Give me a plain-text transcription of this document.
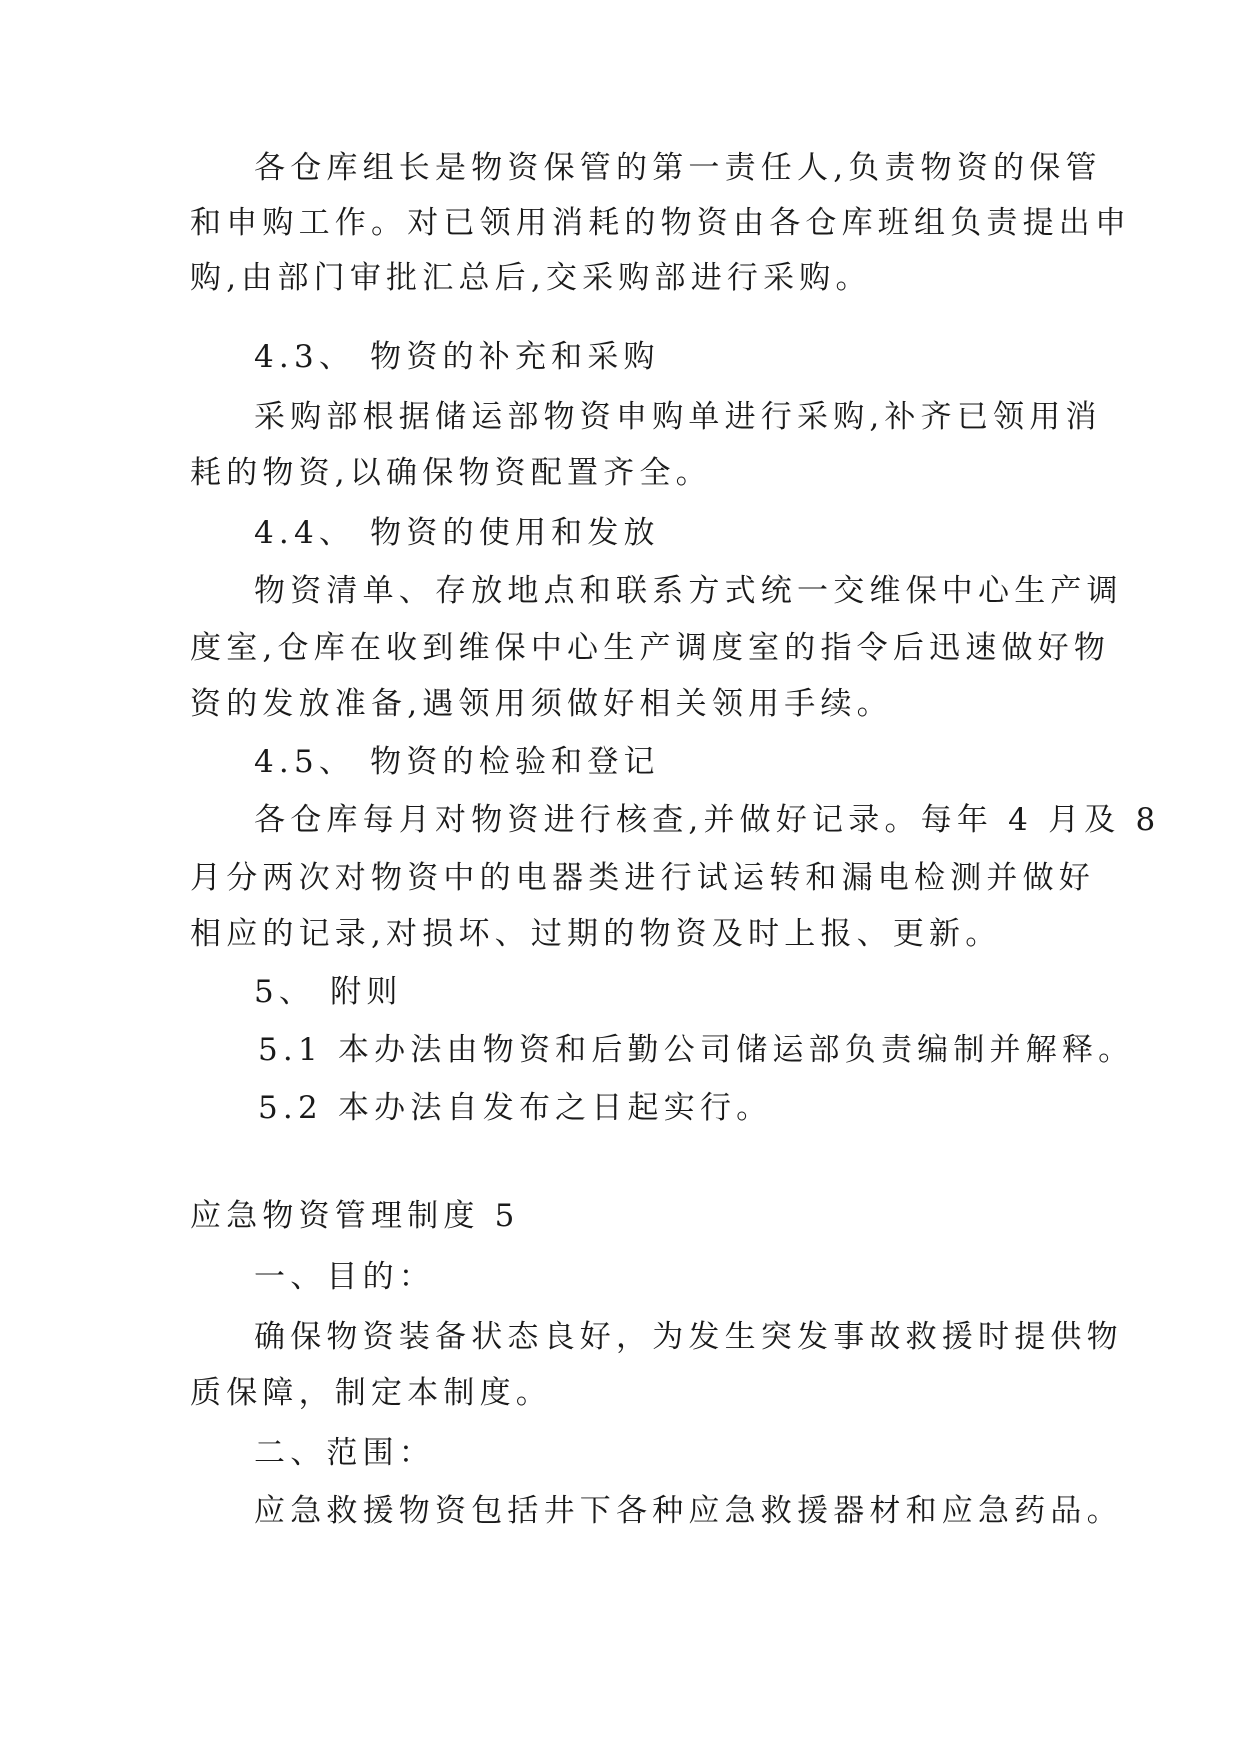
各仓库组长是物资保管的第一责任人,负责物资的保管
和申购工作。对已领用消耗的物资由各仓库班组负责提出申
购,由部门审批汇总后,交采购部进行采购。
4.3、 物资的补充和采购
采购部根据储运部物资申购单进行采购,补齐已领用消
耗的物资,以确保物资配置齐全。
4.4、 物资的使用和发放
物资清单、存放地点和联系方式统一交维保中心生产调
度室,仓库在收到维保中心生产调度室的指令后迅速做好物
资的发放准备,遇领用须做好相关领用手续。
4.5、 物资的检验和登记
各仓库每月对物资进行核查,并做好记录。每年 4 月及 8
月分两次对物资中的电器类进行试运转和漏电检测并做好
相应的记录,对损坏、过期的物资及时上报、更新。
5、 附则
5.1 本办法由物资和后勤公司储运部负责编制并解释。
5.2 本办法自发布之日起实行。
应急物资管理制度 5
一、目的：
确保物资装备状态良好，为发生突发事故救援时提供物
质保障，制定本制度。
二、范围：
应急救援物资包括井下各种应急救援器材和应急药品。
